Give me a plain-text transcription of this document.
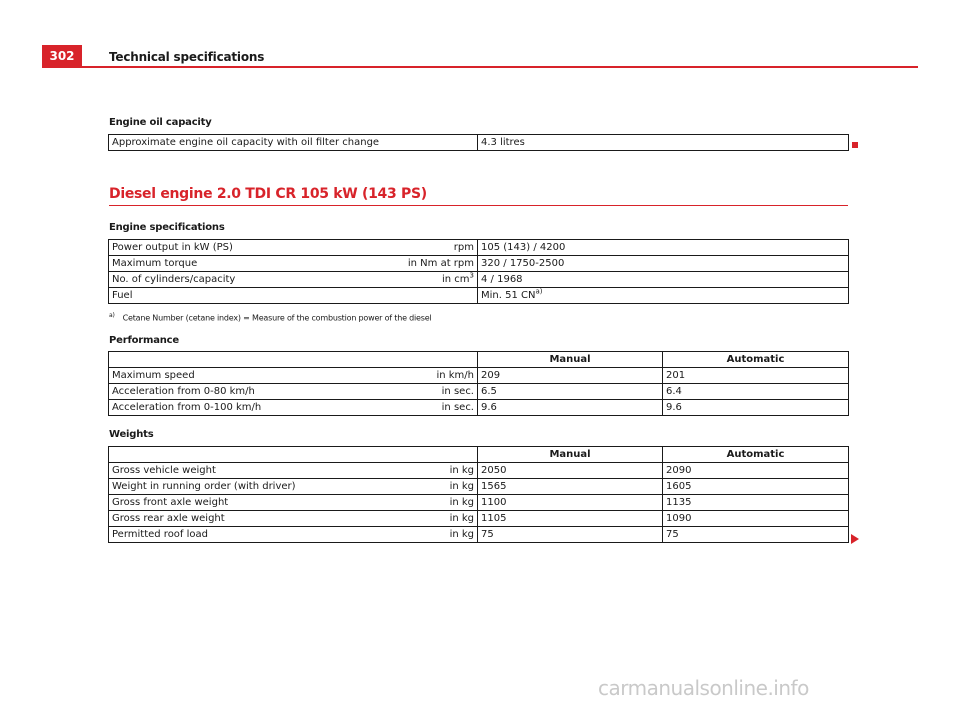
302	Technical specifications
Engine oil capacity
Approximate engine oil capacity with oil filter change	4.3 litres
Diesel engine 2.0 TDI CR 105 kW (143 PS)
Engine specifications
Power output in kW (PS) rpm	105 (143) / 4200

Maximum torque in Nm at rpm	320 / 1750-2500

No. of cylinders/capacity in $cm^3$	4 / 1968

Fuel	Min. 51 CN$^{a)}$
$^{a)}$ Cetane Number (cetane index) = Measure of the combustion power of the diesel
Performance
	Manual	Automatic

Maximum speed in km/h	209	201

Acceleration from 0-80 km/h in sec.	6.5	6.4

Acceleration from 0-100 km/h in sec.	9.6	9.6
Weights
	Manual	Automatic

Gross vehicle weight in kg	2050	2090

Weight in running order (with driver) in kg	1565	1605

Gross front axle weight in kg	1100	1135

Gross rear axle weight in kg	1105	1090

Permitted roof load in kg	75	75
carmanualsonline.info
